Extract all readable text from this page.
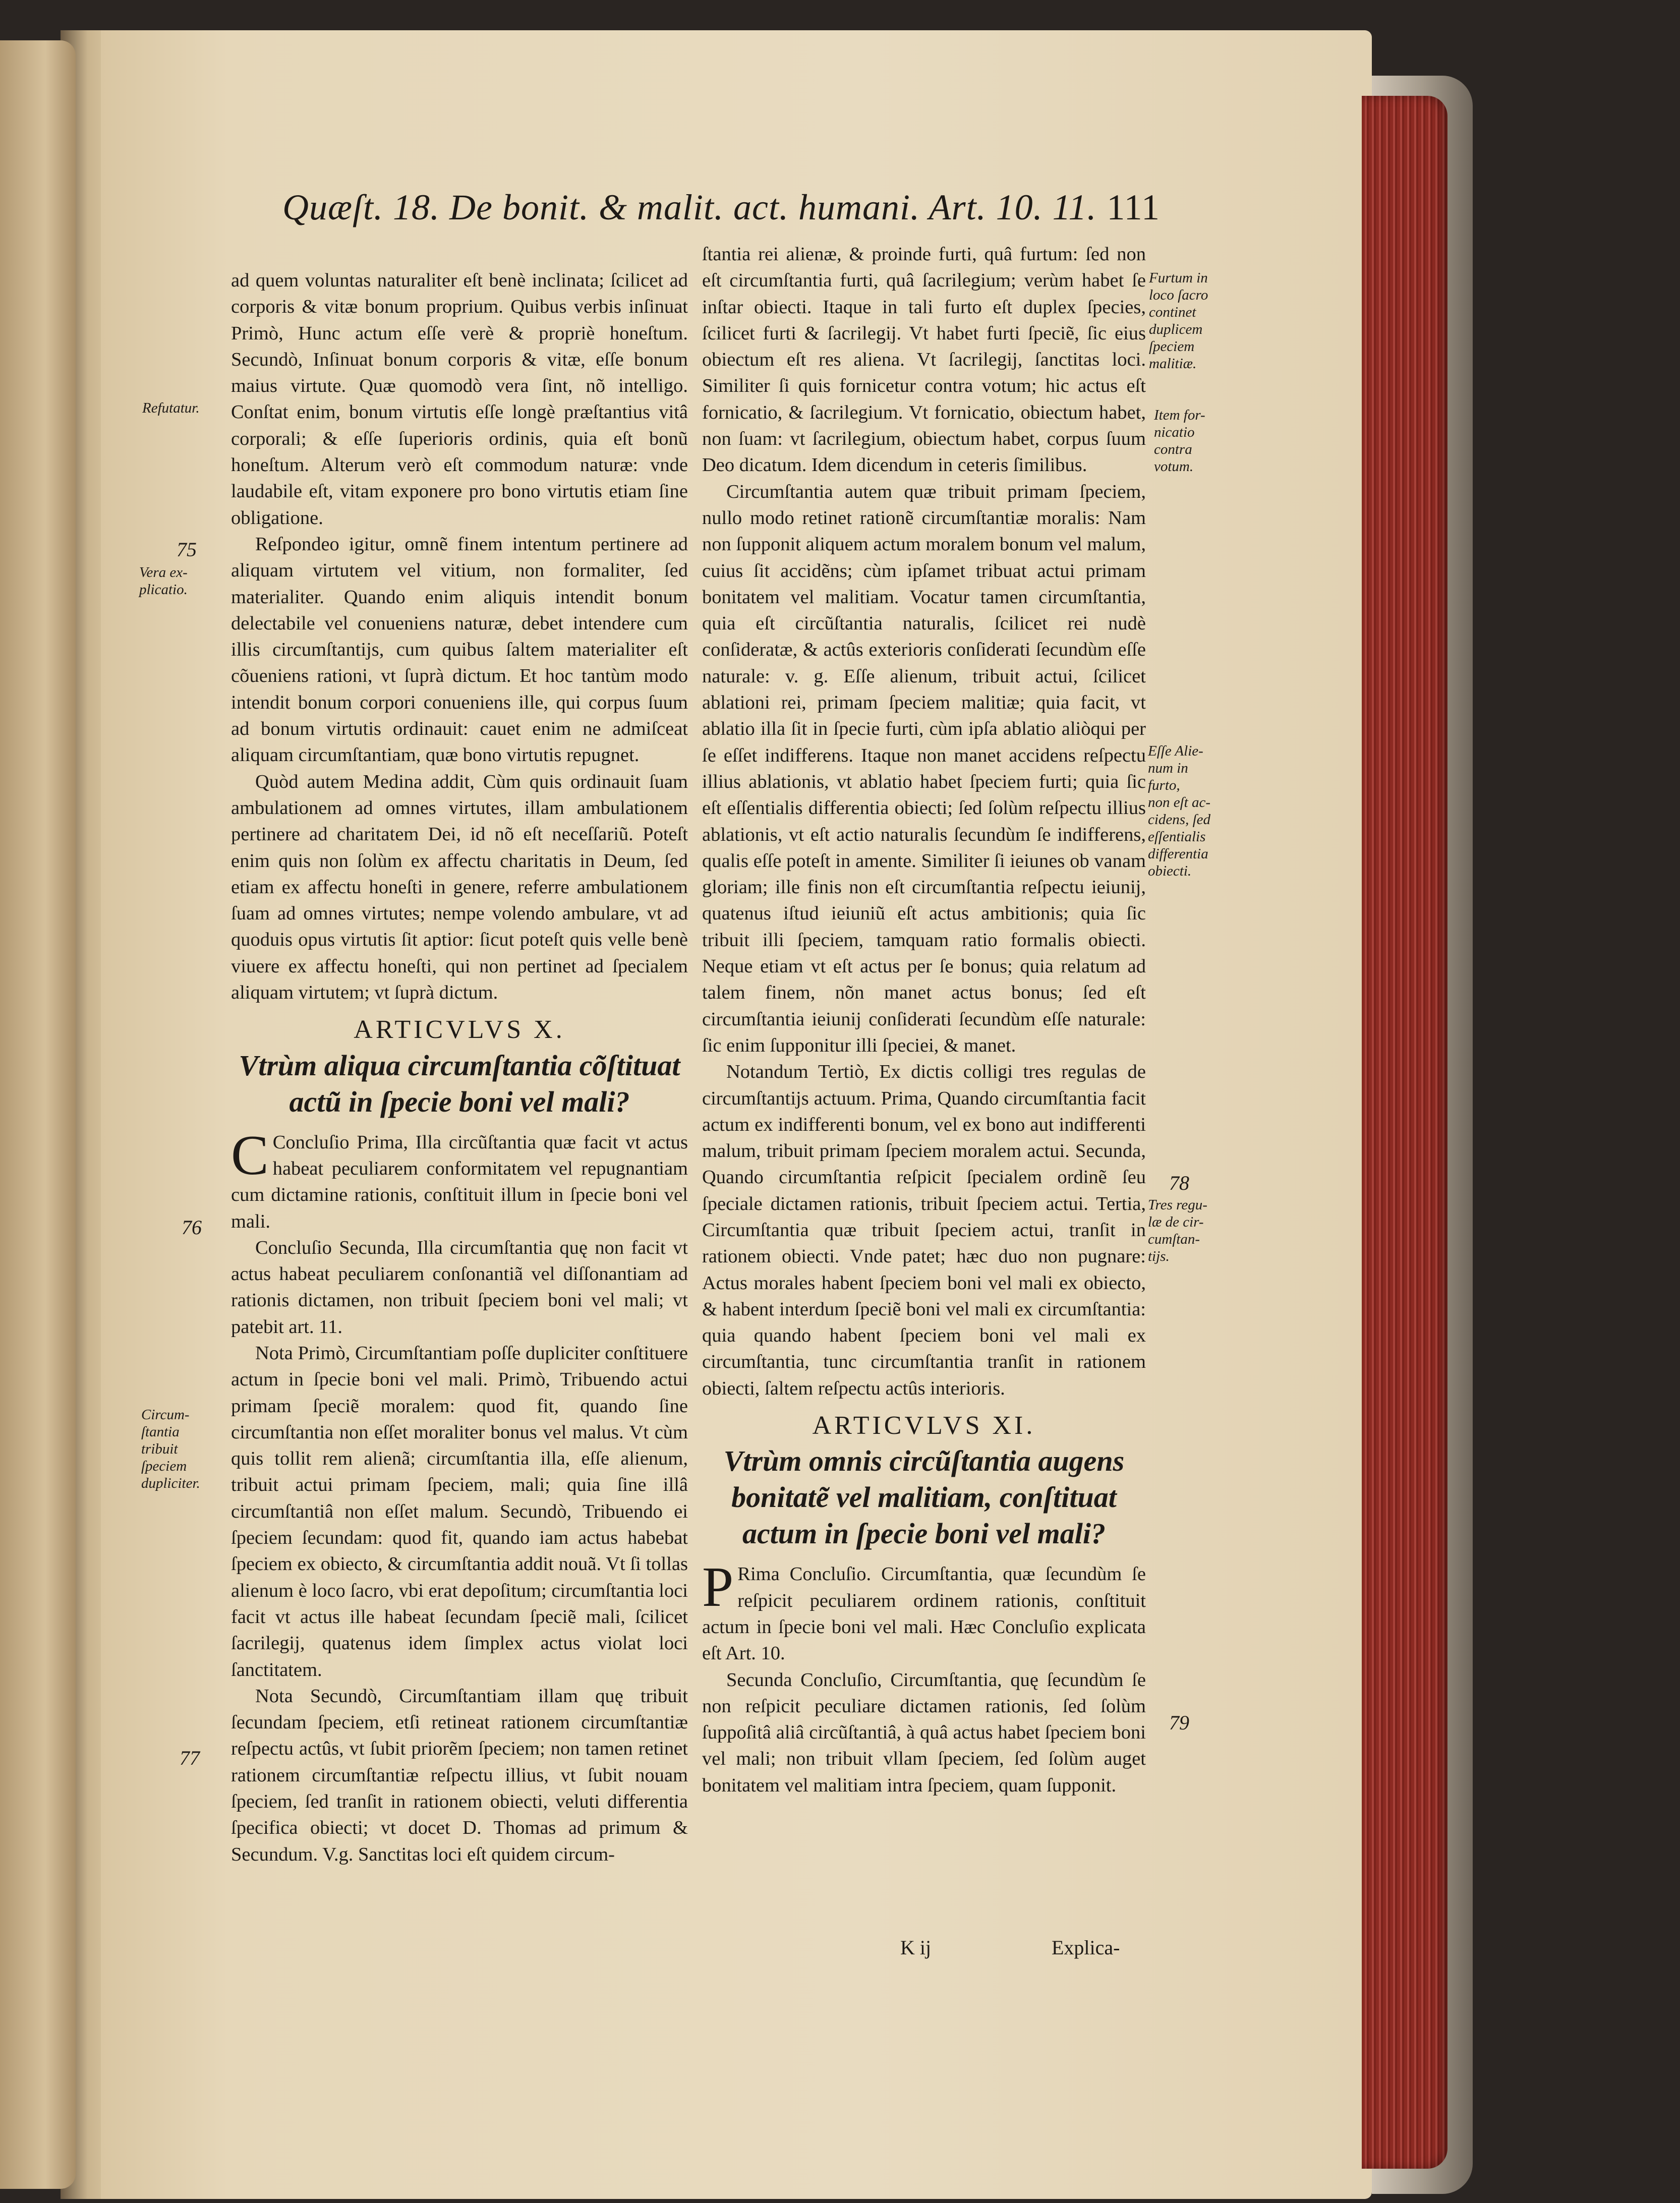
Quæſt. 18. De bonit. & malit. act. humani. Art. 10. 11. 111

ad quem voluntas naturaliter eſt benè inclinata; ſcilicet ad corporis & vitæ bonum proprium. Quibus verbis inſinuat Primò, Hunc actum eſſe verè & propriè honeſtum. Secundò, Inſinuat bonum corporis & vitæ, eſſe bonum maius virtute. Quæ quomodò vera ſint, nõ intelligo. Conſtat enim, bonum virtutis eſſe longè præſtantius vitâ corporali; & eſſe ſuperioris ordinis, quia eſt bonũ honeſtum. Alterum verò eſt commodum naturæ: vnde laudabile eſt, vitam exponere pro bono virtutis etiam ſine obligatione.

Reſpondeo igitur, omnẽ finem intentum pertinere ad aliquam virtutem vel vitium, non formaliter, ſed materialiter. Quando enim aliquis intendit bonum delectabile vel conueniens naturæ, debet intendere cum illis circumſtantijs, cum quibus ſaltem materialiter eſt cõueniens rationi, vt ſuprà dictum. Et hoc tantùm modo intendit bonum corpori conueniens ille, qui corpus ſuum ad bonum virtutis ordinauit: cauet enim ne admiſceat aliquam circumſtantiam, quæ bono virtutis repugnet.

Quòd autem Medina addit, Cùm quis ordinauit ſuam ambulationem ad omnes virtutes, illam ambulationem pertinere ad charitatem Dei, id nõ eſt neceſſariũ. Poteſt enim quis non ſolùm ex affectu charitatis in Deum, ſed etiam ex affectu honeſti in genere, referre ambulationem ſuam ad omnes virtutes; nempe volendo ambulare, vt ad quoduis opus virtutis ſit aptior: ſicut poteſt quis velle benè viuere ex affectu honeſti, qui non pertinet ad ſpecialem aliquam virtutem; vt ſuprà dictum.

ARTICVLVS X.
Vtrùm aliqua circumſtantia cõſtituat actũ in ſpecie boni vel mali?

C Concluſio Prima, Illa circũſtantia quæ facit vt actus habeat peculiarem conformitatem vel repugnantiam cum dictamine rationis, conſtituit illum in ſpecie boni vel mali.

Concluſio Secunda, Illa circumſtantia quę non facit vt actus habeat peculiarem conſonantiã vel diſſonantiam ad rationis dictamen, non tribuit ſpeciem boni vel mali; vt patebit art. 11.

Nota Primò, Circumſtantiam poſſe dupliciter conſtituere actum in ſpecie boni vel mali. Primò, Tribuendo actui primam ſpeciẽ moralem: quod fit, quando ſine circumſtantia non eſſet moraliter bonus vel malus. Vt cùm quis tollit rem alienã; circumſtantia illa, eſſe alienum, tribuit actui primam ſpeciem, mali; quia ſine illâ circumſtantiâ non eſſet malum. Secundò, Tribuendo ei ſpeciem ſecundam: quod fit, quando iam actus habebat ſpeciem ex obiecto, & circumſtantia addit nouã. Vt ſi tollas alienum è loco ſacro, vbi erat depoſitum; circumſtantia loci facit vt actus ille habeat ſecundam ſpeciẽ mali, ſcilicet ſacrilegij, quatenus idem ſimplex actus violat loci ſanctitatem.

Nota Secundò, Circumſtantiam illam quę tribuit ſecundam ſpeciem, etſi retineat rationem circumſtantiæ reſpectu actûs, vt ſubit priorẽm ſpeciem; non tamen retinet rationem circumſtantiæ reſpectu illius, vt ſubit nouam ſpeciem, ſed tranſit in rationem obiecti, veluti differentia ſpecifica obiecti; vt docet D. Thomas ad primum & Secundum. V.g. Sanctitas loci eſt quidem circum-

ſtantia rei alienæ, & proinde furti, quâ furtum: ſed non eſt circumſtantia furti, quâ ſacrilegium; verùm habet ſe inſtar obiecti. Itaque in tali furto eſt duplex ſpecies, ſcilicet furti & ſacrilegij. Vt habet furti ſpeciẽ, ſic eius obiectum eſt res aliena. Vt ſacrilegij, ſanctitas loci. Similiter ſi quis fornicetur contra votum; hic actus eſt fornicatio, & ſacrilegium. Vt fornicatio, obiectum habet, non ſuam: vt ſacrilegium, obiectum habet, corpus ſuum Deo dicatum. Idem dicendum in ceteris ſimilibus.

Circumſtantia autem quæ tribuit primam ſpeciem, nullo modo retinet rationẽ circumſtantiæ moralis: Nam non ſupponit aliquem actum moralem bonum vel malum, cuius ſit accidẽns; cùm ipſamet tribuat actui primam bonitatem vel malitiam. Vocatur tamen circumſtantia, quia eſt circũſtantia naturalis, ſcilicet rei nudè conſideratæ, & actûs exterioris conſiderati ſecundùm eſſe naturale: v. g. Eſſe alienum, tribuit actui, ſcilicet ablationi rei, primam ſpeciem malitiæ; quia facit, vt ablatio illa ſit in ſpecie furti, cùm ipſa ablatio aliòqui per ſe eſſet indifferens. Itaque non manet accidens reſpectu illius ablationis, vt ablatio habet ſpeciem furti; quia ſic eſt eſſentialis differentia obiecti; ſed ſolùm reſpectu illius ablationis, vt eſt actio naturalis ſecundùm ſe indifferens, qualis eſſe poteſt in amente. Similiter ſi ieiunes ob vanam gloriam; ille finis non eſt circumſtantia reſpectu ieiunij, quatenus iſtud ieiuniũ eſt actus ambitionis; quia ſic tribuit illi ſpeciem, tamquam ratio formalis obiecti. Neque etiam vt eſt actus per ſe bonus; quia relatum ad talem finem, nõn manet actus bonus; ſed eſt circumſtantia ieiunij conſiderati ſecundùm eſſe naturale: ſic enim ſupponitur illi ſpeciei, & manet.

Notandum Tertiò, Ex dictis colligi tres regulas de circumſtantijs actuum. Prima, Quando circumſtantia facit actum ex indifferenti bonum, vel ex bono aut indifferenti malum, tribuit primam ſpeciem moralem actui. Secunda, Quando circumſtantia reſpicit ſpecialem ordinẽ ſeu ſpeciale dictamen rationis, tribuit ſpeciem actui. Tertia, Circumſtantia quæ tribuit ſpeciem actui, tranſit in rationem obiecti. Vnde patet; hæc duo non pugnare: Actus morales habent ſpeciem boni vel mali ex obiecto, & habent interdum ſpeciẽ boni vel mali ex circumſtantia: quia quando habent ſpeciem boni vel mali ex circumſtantia, tunc circumſtantia tranſit in rationem obiecti, ſaltem reſpectu actûs interioris.

ARTICVLVS XI.
Vtrùm omnis circũſtantia augens bonitatẽ vel malitiam, conſtituat actum in ſpecie boni vel mali?

P Rima Concluſio. Circumſtantia, quæ ſecundùm ſe reſpicit peculiarem ordinem rationis, conſtituit actum in ſpecie boni vel mali. Hæc Concluſio explicata eſt Art. 10.

Secunda Concluſio, Circumſtantia, quę ſecundùm ſe non reſpicit peculiare dictamen rationis, ſed ſolùm ſuppoſitâ aliâ circũſtantiâ, à quâ actus habet ſpeciem boni vel mali; non tribuit vllam ſpeciem, ſed ſolùm auget bonitatem vel malitiam intra ſpeciem, quam ſupponit.

Refutatur.
75
Vera ex-
plicatio.
76
Circum-
ſtantia
tribuit
ſpeciem
dupliciter.
77
Furtum in
loco ſacro
continet
duplicem
ſpeciem
malitiæ.
Item for-
nicatio
contra
votum.
Eſſe Alie-
num in
furto,
non eſt ac-
cidens, ſed
eſſentialis
differentia
obiecti.
78
Tres regu-
læ de cir-
cumſtan-
tijs.
79
K ij	Explica-
